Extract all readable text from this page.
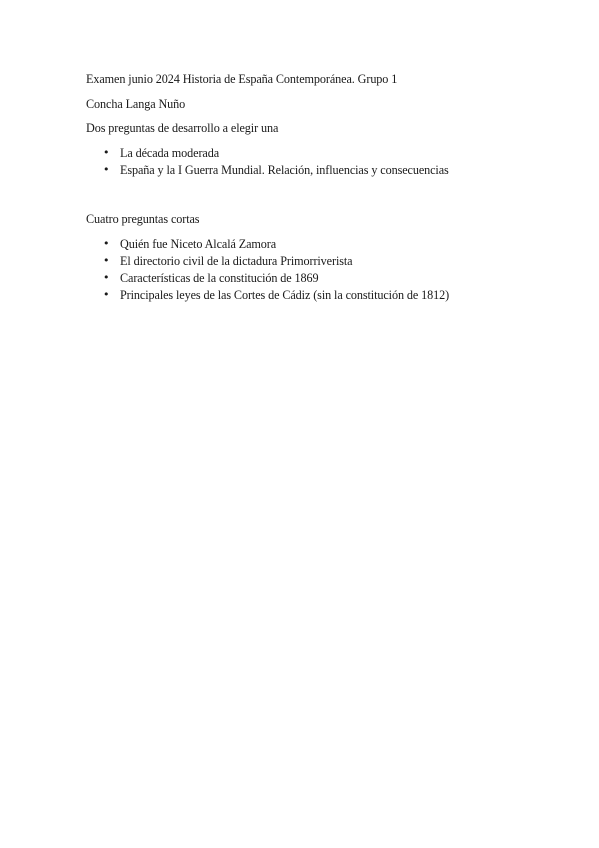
Examen junio 2024 Historia de España Contemporánea. Grupo 1

Concha Langa Nuño

Dos preguntas de desarrollo a elegir una

• La década moderada
• España y la I Guerra Mundial. Relación, influencias y consecuencias

Cuatro preguntas cortas

• Quién fue Niceto Alcalá Zamora
• El directorio civil de la dictadura Primorriverista
• Características de la constitución de 1869
• Principales leyes de las Cortes de Cádiz (sin la constitución de 1812)
